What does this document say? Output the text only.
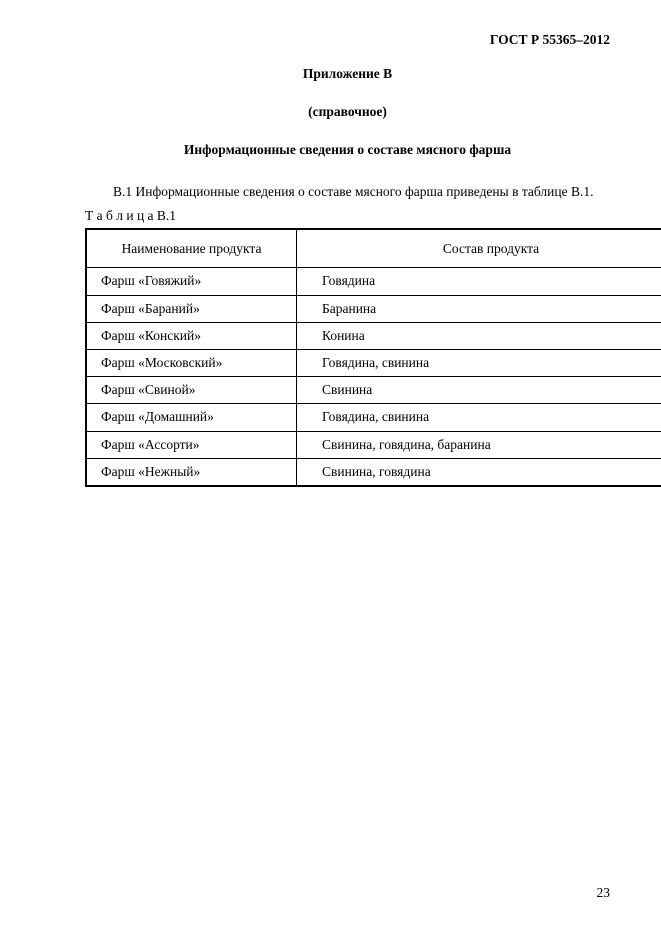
ГОСТ Р 55365–2012

Приложение В

(справочное)

Информационные сведения о составе мясного фарша

В.1 Информационные сведения о составе мясного фарша приведены в таблице В.1.

Т а б л и ц а В.1

Наименование продукта	Состав продукта
Фарш «Говяжий»	Говядина
Фарш «Бараний»	Баранина
Фарш «Конский»	Конина
Фарш «Московский»	Говядина, свинина
Фарш «Свиной»	Свинина
Фарш «Домашний»	Говядина, свинина
Фарш «Ассорти»	Свинина, говядина, баранина
Фарш «Нежный»	Свинина, говядина
23
